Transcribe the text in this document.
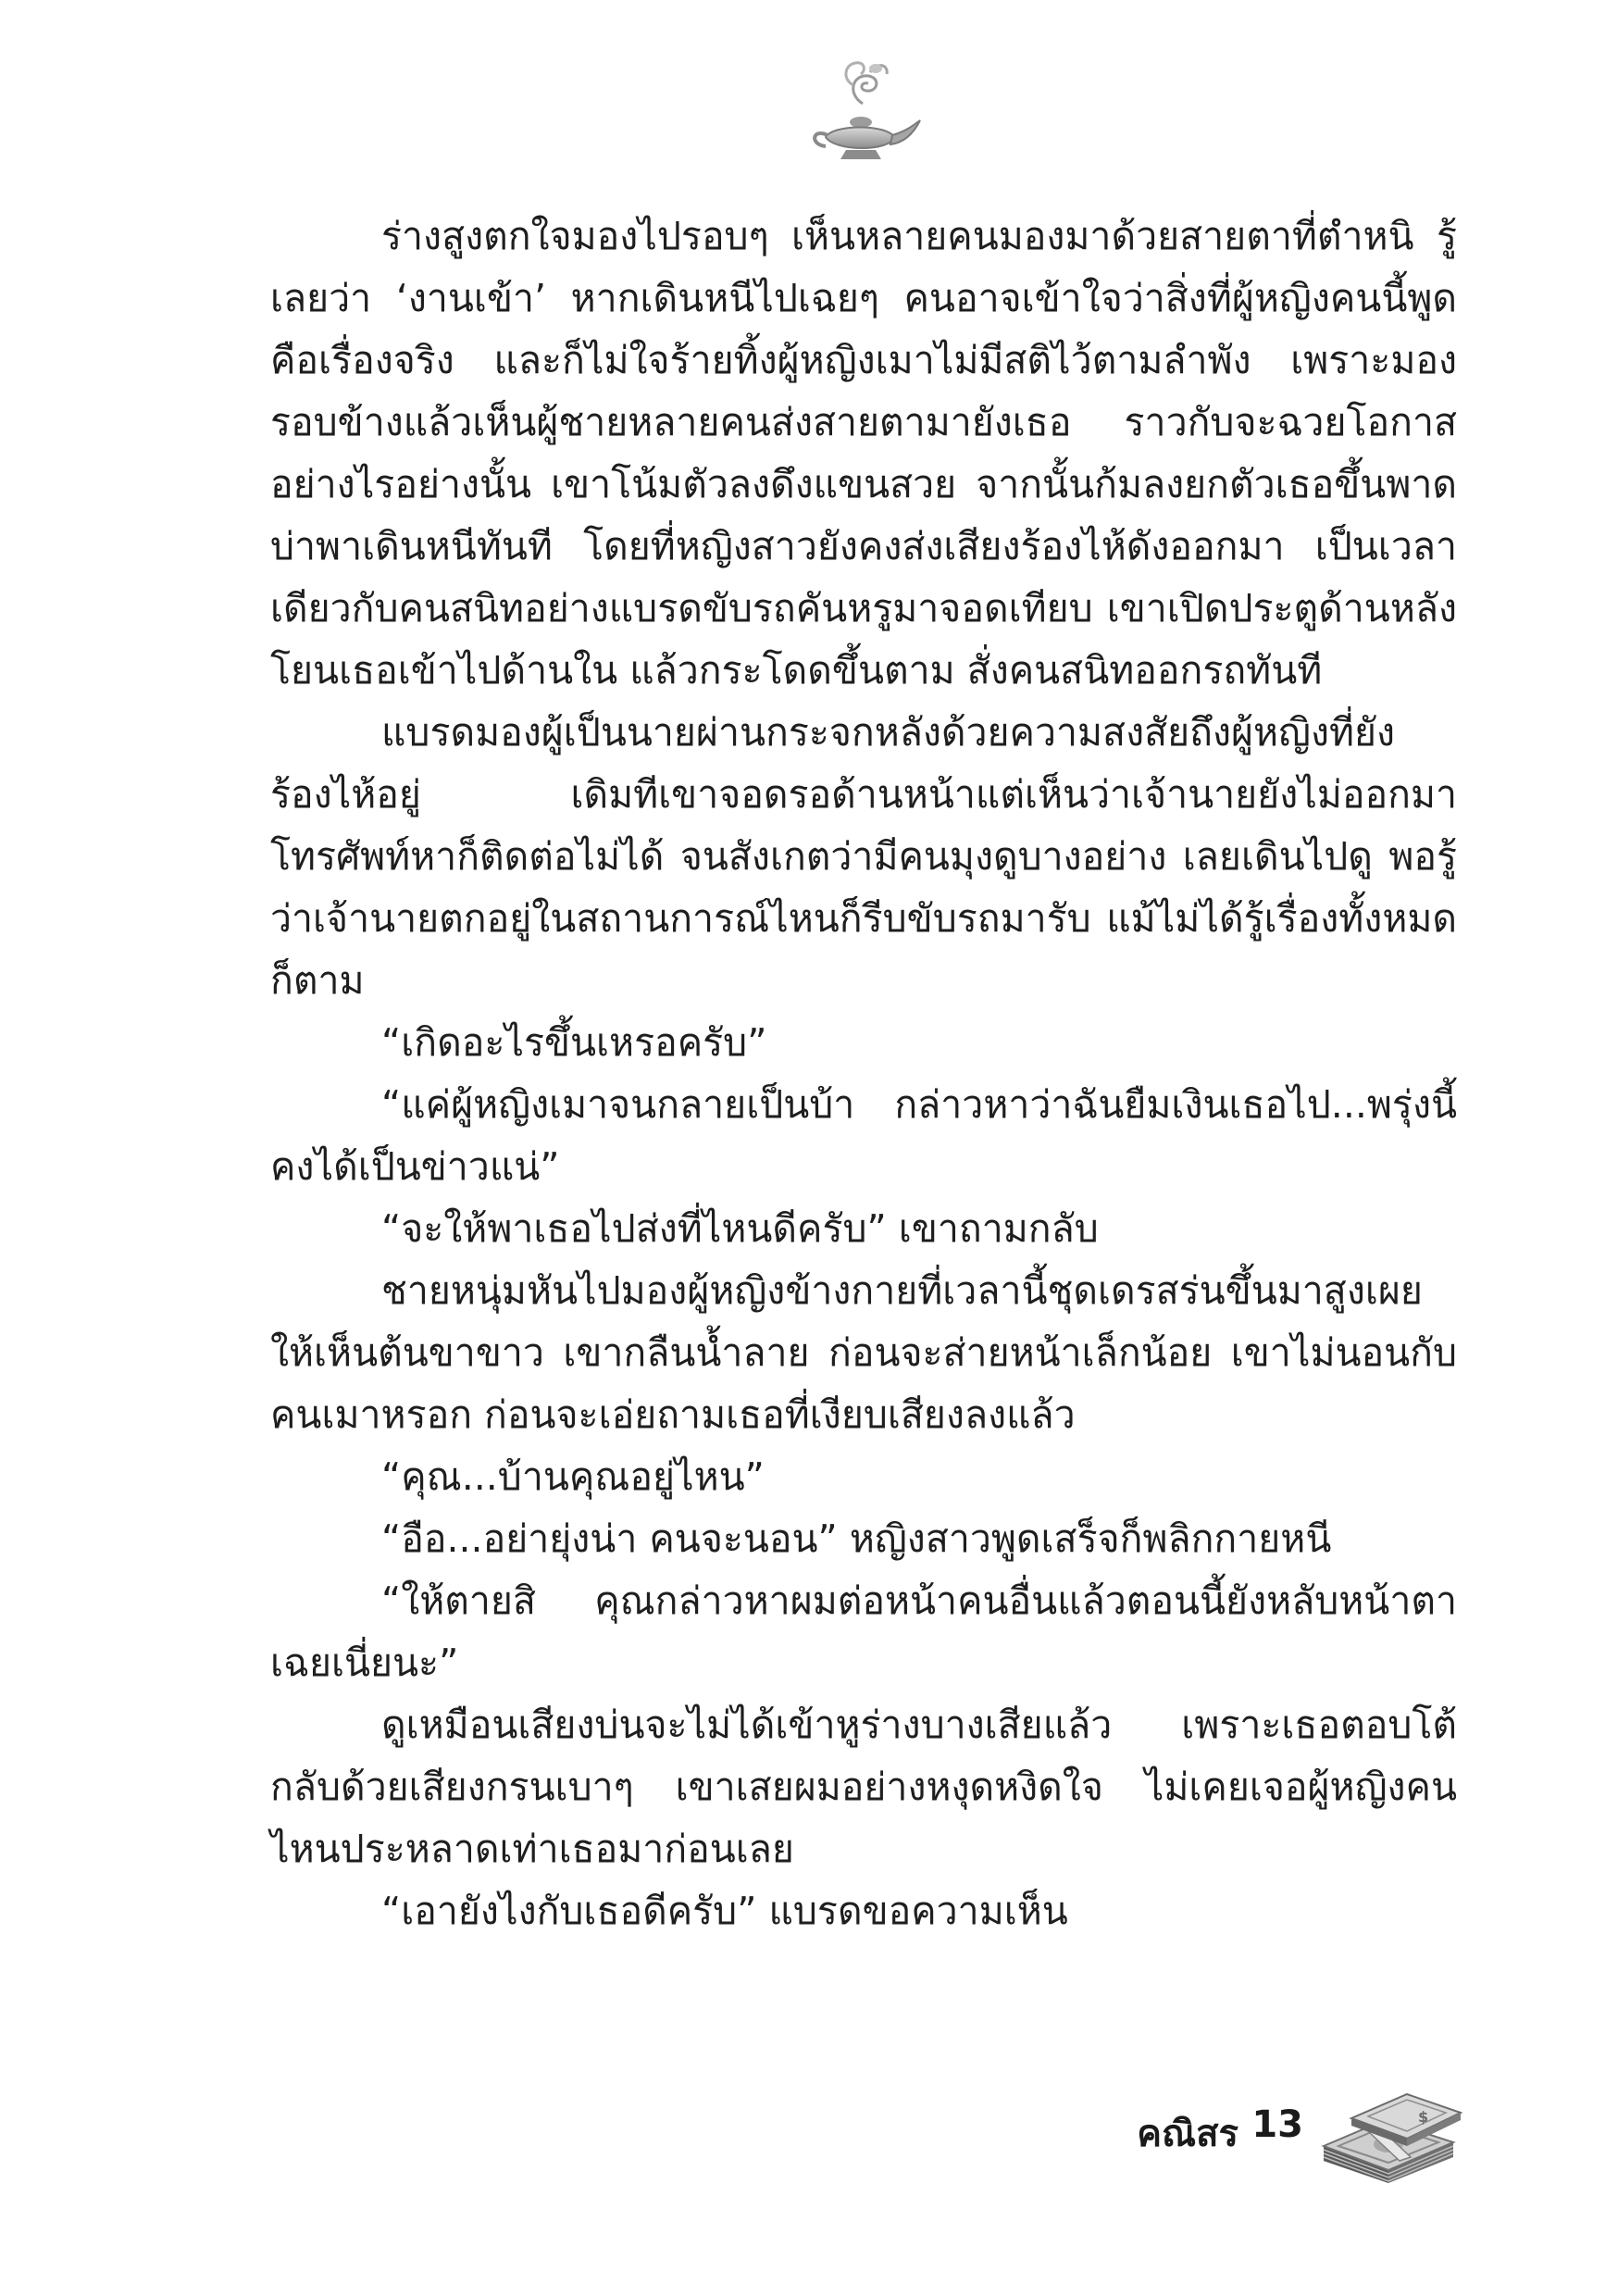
ร่างสูงตกใจมองไปรอบๆ เห็นหลายคนมองมาด้วยสายตาที่ตำหนิ รู้เลยว่า ‘งานเข้า’ หากเดินหนีไปเฉยๆ คนอาจเข้าใจว่าสิ่งที่ผู้หญิงคนนี้พูดคือเรื่องจริง และก็ไม่ใจร้ายทิ้งผู้หญิงเมาไม่มีสติไว้ตามลำพัง เพราะมองรอบข้างแล้วเห็นผู้ชายหลายคนส่งสายตามายังเธอ ราวกับจะฉวยโอกาสอย่างไรอย่างนั้น เขาโน้มตัวลงดึงแขนสวย จากนั้นก้มลงยกตัวเธอขึ้นพาดบ่าพาเดินหนีทันที โดยที่หญิงสาวยังคงส่งเสียงร้องไห้ดังออกมา เป็นเวลาเดียวกับคนสนิทอย่างแบรดขับรถคันหรูมาจอดเทียบ เขาเปิดประตูด้านหลังโยนเธอเข้าไปด้านใน แล้วกระโดดขึ้นตาม สั่งคนสนิทออกรถทันที

แบรดมองผู้เป็นนายผ่านกระจกหลังด้วยความสงสัยถึงผู้หญิงที่ยังร้องไห้อยู่ เดิมทีเขาจอดรอด้านหน้าแต่เห็นว่าเจ้านายยังไม่ออกมา โทรศัพท์หาก็ติดต่อไม่ได้ จนสังเกตว่ามีคนมุงดูบางอย่าง เลยเดินไปดู พอรู้ว่าเจ้านายตกอยู่ในสถานการณ์ไหนก็รีบขับรถมารับ แม้ไม่ได้รู้เรื่องทั้งหมดก็ตาม

“เกิดอะไรขึ้นเหรอครับ”

“แค่ผู้หญิงเมาจนกลายเป็นบ้า กล่าวหาว่าฉันยืมเงินเธอไป...พรุ่งนี้คงได้เป็นข่าวแน่”

“จะให้พาเธอไปส่งที่ไหนดีครับ” เขาถามกลับ

ชายหนุ่มหันไปมองผู้หญิงข้างกายที่เวลานี้ชุดเดรสร่นขึ้นมาสูงเผยให้เห็นต้นขาขาว เขากลืนน้ำลาย ก่อนจะส่ายหน้าเล็กน้อย เขาไม่นอนกับคนเมาหรอก ก่อนจะเอ่ยถามเธอที่เงียบเสียงลงแล้ว

“คุณ...บ้านคุณอยู่ไหน”

“อือ...อย่ายุ่งน่า คนจะนอน” หญิงสาวพูดเสร็จก็พลิกกายหนี

“ให้ตายสิ คุณกล่าวหาผมต่อหน้าคนอื่นแล้วตอนนี้ยังหลับหน้าตาเฉยเนี่ยนะ”

ดูเหมือนเสียงบ่นจะไม่ได้เข้าหูร่างบางเสียแล้ว เพราะเธอตอบโต้กลับด้วยเสียงกรนเบาๆ เขาเสยผมอย่างหงุดหงิดใจ ไม่เคยเจอผู้หญิงคนไหนประหลาดเท่าเธอมาก่อนเลย

“เอายังไงกับเธอดีครับ” แบรดขอความเห็น

คณิสร 13	$
